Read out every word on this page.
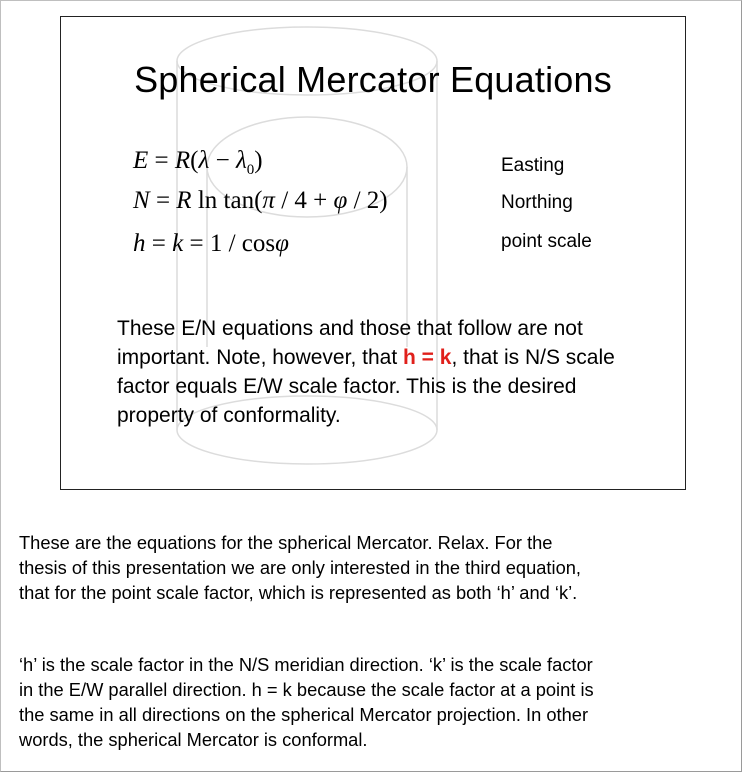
Spherical Mercator Equations
$E = R(\lambda - \lambda_0)$
N = R ln tan(π / 4 + φ / 2)
h = k = 1 / cosφ
Easting
Northing
point scale
These E/N equations and those that follow are not important. Note, however, that h = k, that is N/S scale factor equals E/W scale factor. This is the desired property of conformality.
These are the equations for the spherical Mercator. Relax. For the
thesis of this presentation we are only interested in the third equation,
that for the point scale factor, which is represented as both ‘h’ and ‘k’.
‘h’ is the scale factor in the N/S meridian direction. ‘k’ is the scale factor
in the E/W parallel direction. h = k because the scale factor at a point is
the same in all directions on the spherical Mercator projection. In other
words, the spherical Mercator is conformal.
